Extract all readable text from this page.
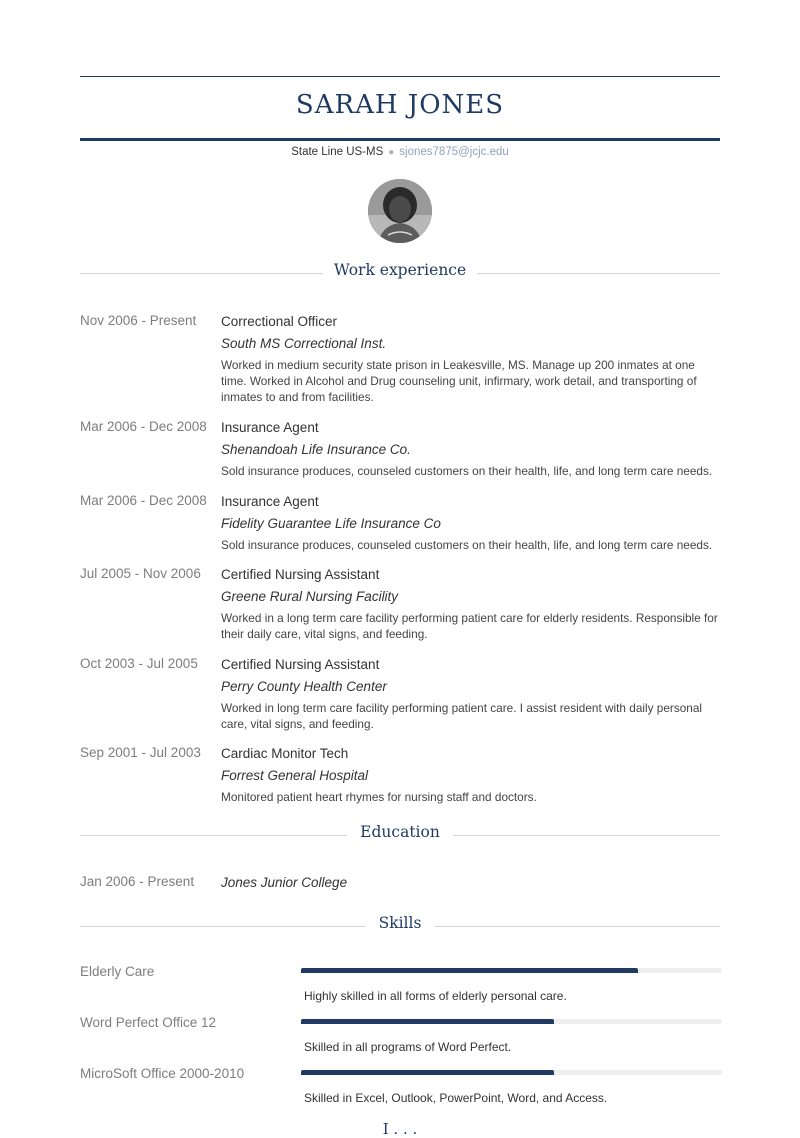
SARAH JONES
State Line US-MS ● sjones7875@jcjc.edu
Work experience
Nov 2006 - Present Correctional Officer
South MS Correctional Inst.
Worked in medium security state prison in Leakesville, MS. Manage up 200 inmates at one time. Worked in Alcohol and Drug counseling unit, infirmary, work detail, and transporting of inmates to and from facilities.
Mar 2006 - Dec 2008 Insurance Agent
Shenandoah Life Insurance Co.
Sold insurance produces, counseled customers on their health, life, and long term care needs.
Mar 2006 - Dec 2008 Insurance Agent
Fidelity Guarantee Life Insurance Co
Sold insurance produces, counseled customers on their health, life, and long term care needs.
Jul 2005 - Nov 2006 Certified Nursing Assistant
Greene Rural Nursing Facility
Worked in a long term care facility performing patient care for elderly residents. Responsible for their daily care, vital signs, and feeding.
Oct 2003 - Jul 2005 Certified Nursing Assistant
Perry County Health Center
Worked in long term care facility performing patient care. I assist resident with daily personal care, vital signs, and feeding.
Sep 2001 - Jul 2003 Cardiac Monitor Tech
Forrest General Hospital
Monitored patient heart rhymes for nursing staff and doctors.
Education
Jan 2006 - Present Jones Junior College
Skills
Elderly Care
Highly skilled in all forms of elderly personal care.
Word Perfect Office 12
Skilled in all programs of Word Perfect.
MicroSoft Office 2000-2010
Skilled in Excel, Outlook, PowerPoint, Word, and Access.
I . . .
